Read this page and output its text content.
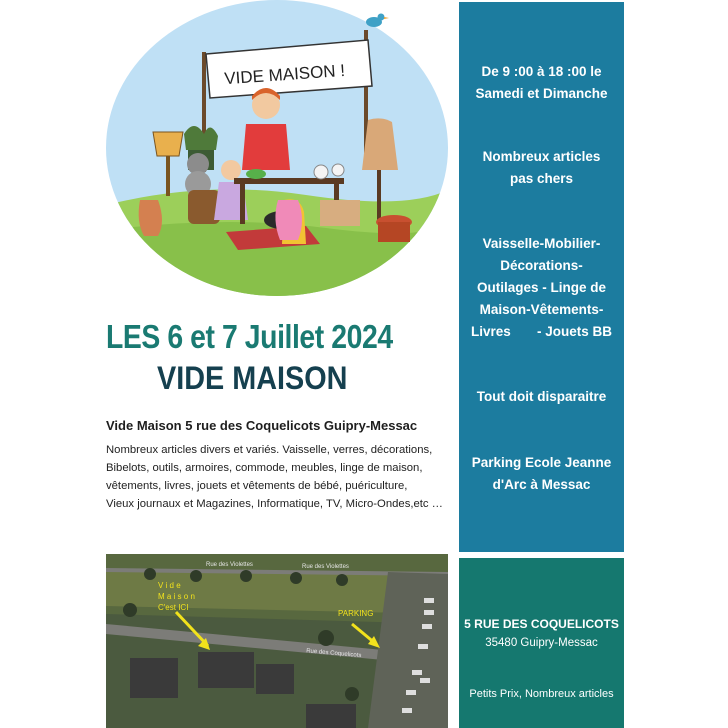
VIDE MAISON !
LES 6 et 7 Juillet 2024
VIDE MAISON
Vide Maison 5 rue des Coquelicots Guipry-Messac
Nombreux articles divers et variés. Vaisselle, verres, décorations,
Bibelots, outils, armoires, commode, meubles, linge de maison,
vêtements, livres, jouets et vêtements de bébé, puériculture,
Vieux journaux et Magazines, Informatique, TV, Micro-Ondes,etc …
Rue des Violettes	Rue des Violettes
Rue des Coquelicots
V i d e
M a i s o n
C'est ICI
PARKING
De 9 :00 à 18 :00 le
Samedi et Dimanche
Nombreux articles
pas chers
Vaisselle-Mobilier-
Décorations-
Outilages - Linge de
Maison-Vêtements-
Livres       - Jouets BB
Tout doit disparaitre
Parking Ecole Jeanne
d'Arc à Messac
5 RUE DES COQUELICOTS
35480 Guipry-Messac
Petits Prix, Nombreux articles
